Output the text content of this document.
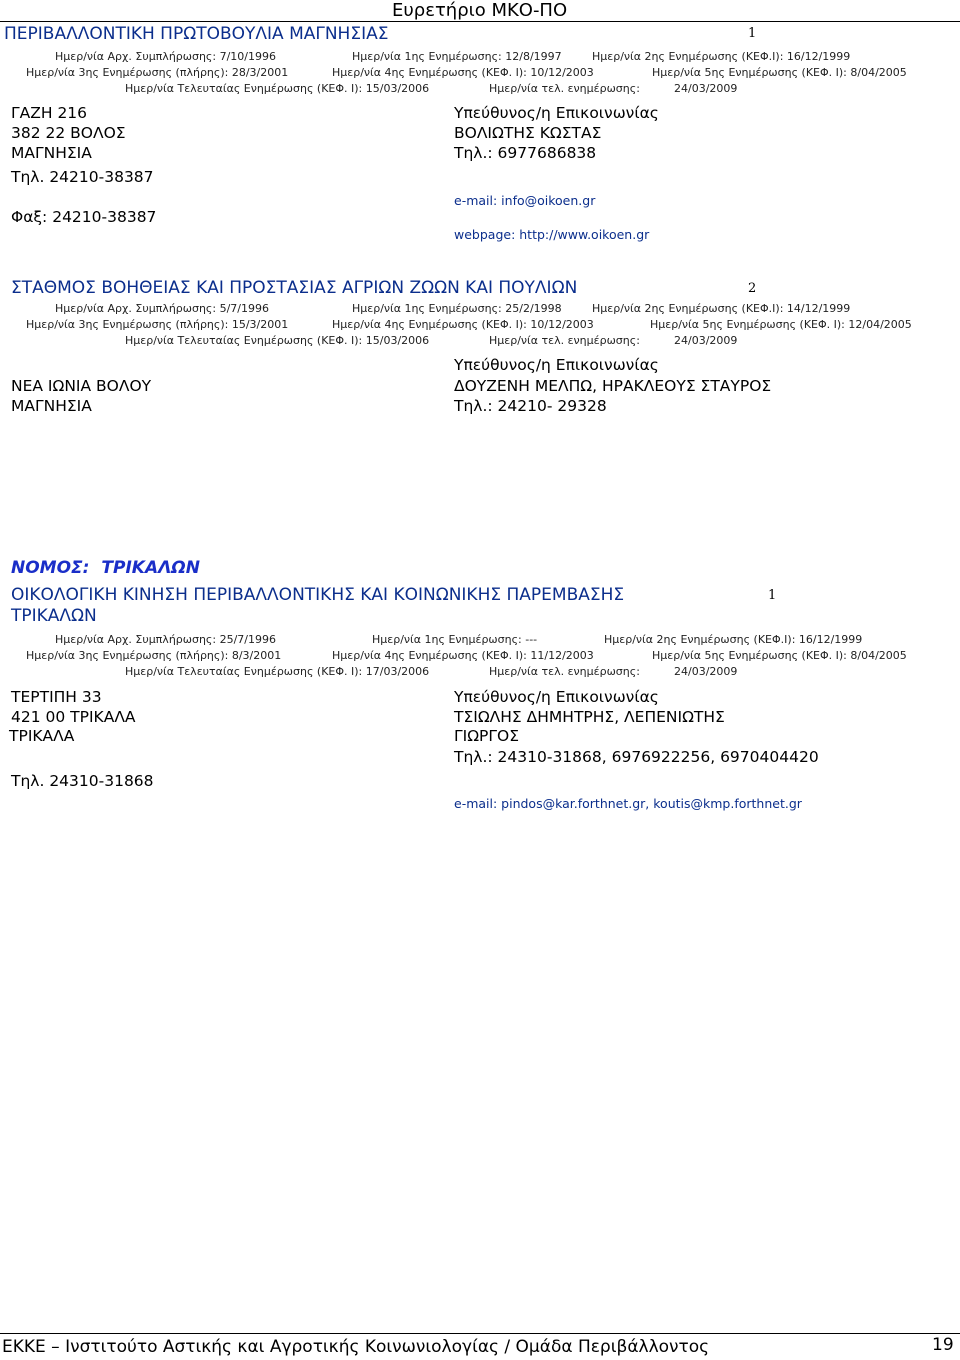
Ευρετήριο ΜΚΟ-ΠΟ
ΠΕΡΙΒΑΛΛΟΝΤΙΚΗ ΠΡΩΤΟΒΟΥΛΙΑ ΜΑΓΝΗΣΙΑΣ	1
Ημερ/νία Αρχ. Συμπλήρωσης: 7/10/1996	Ημερ/νία 1ης Ενημέρωσης: 12/8/1997	Ημερ/νία 2ης Ενημέρωσης (ΚΕΦ.Ι): 16/12/1999
Ημερ/νία 3ης Ενημέρωσης (πλήρης): 28/3/2001	Ημερ/νία 4ης Ενημέρωσης (ΚΕΦ. Ι): 10/12/2003	Ημερ/νία 5ης Ενημέρωσης (ΚΕΦ. Ι): 8/04/2005
Ημερ/νία Τελευταίας Ενημέρωσης (ΚΕΦ. Ι): 15/03/2006	Ημερ/νία τελ. ενημέρωσης:	24/03/2009
ΓΑΖΗ 216
382 22 ΒΟΛΟΣ
ΜΑΓΝΗΣΙΑ
Τηλ. 24210-38387
Φαξ: 24210-38387
Υπεύθυνος/η Επικοινωνίας
ΒΟΛΙΩΤΗΣ ΚΩΣΤΑΣ
Τηλ.: 6977686838
e-mail: info@oikoen.gr
webpage: http://www.oikoen.gr
ΣΤΑΘΜΟΣ ΒΟΗΘΕΙΑΣ ΚΑΙ ΠΡΟΣΤΑΣΙΑΣ ΑΓΡΙΩΝ ΖΩΩΝ ΚΑΙ ΠΟΥΛΙΩΝ	2
Ημερ/νία Αρχ. Συμπλήρωσης: 5/7/1996	Ημερ/νία 1ης Ενημέρωσης: 25/2/1998	Ημερ/νία 2ης Ενημέρωσης (ΚΕΦ.Ι): 14/12/1999
Ημερ/νία 3ης Ενημέρωσης (πλήρης): 15/3/2001	Ημερ/νία 4ης Ενημέρωσης (ΚΕΦ. Ι): 10/12/2003	Ημερ/νία 5ης Ενημέρωσης (ΚΕΦ. Ι): 12/04/2005
Ημερ/νία Τελευταίας Ενημέρωσης (ΚΕΦ. Ι): 15/03/2006	Ημερ/νία τελ. ενημέρωσης:	24/03/2009
Υπεύθυνος/η Επικοινωνίας
ΝΕΑ ΙΩΝΙΑ ΒΟΛΟΥ	ΔΟΥΖΕΝΗ ΜΕΛΠΩ, ΗΡΑΚΛΕΟΥΣ ΣΤΑΥΡΟΣ
ΜΑΓΝΗΣΙΑ	Τηλ.: 24210- 29328
ΝΟΜΟΣ: ΤΡΙΚΑΛΩΝ
ΟΙΚΟΛΟΓΙΚΗ ΚΙΝΗΣΗ ΠΕΡΙΒΑΛΛΟΝΤΙΚΗΣ ΚΑΙ ΚΟΙΝΩΝΙΚΗΣ ΠΑΡΕΜΒΑΣΗΣ	1
ΤΡΙΚΑΛΩΝ
Ημερ/νία Αρχ. Συμπλήρωσης: 25/7/1996	Ημερ/νία 1ης Ενημέρωσης: ---	Ημερ/νία 2ης Ενημέρωσης (ΚΕΦ.Ι): 16/12/1999
Ημερ/νία 3ης Ενημέρωσης (πλήρης): 8/3/2001	Ημερ/νία 4ης Ενημέρωσης (ΚΕΦ. Ι): 11/12/2003	Ημερ/νία 5ης Ενημέρωσης (ΚΕΦ. Ι): 8/04/2005
Ημερ/νία Τελευταίας Ενημέρωσης (ΚΕΦ. Ι): 17/03/2006	Ημερ/νία τελ. ενημέρωσης:	24/03/2009
ΤΕΡΤΙΠΗ 33
421 00 ΤΡΙΚΑΛΑ
ΤΡΙΚΑΛΑ
Τηλ. 24310-31868
Υπεύθυνος/η Επικοινωνίας
ΤΣΙΩΛΗΣ ΔΗΜΗΤΡΗΣ, ΛΕΠΕΝΙΩΤΗΣ
ΓΙΩΡΓΟΣ
Τηλ.: 24310-31868, 6976922256, 6970404420
e-mail: pindos@kar.forthnet.gr, koutis@kmp.forthnet.gr
ΕΚΚΕ – Ινστιτούτο Αστικής και Αγροτικής Κοινωνιολογίας / Ομάδα Περιβάλλοντος	19
